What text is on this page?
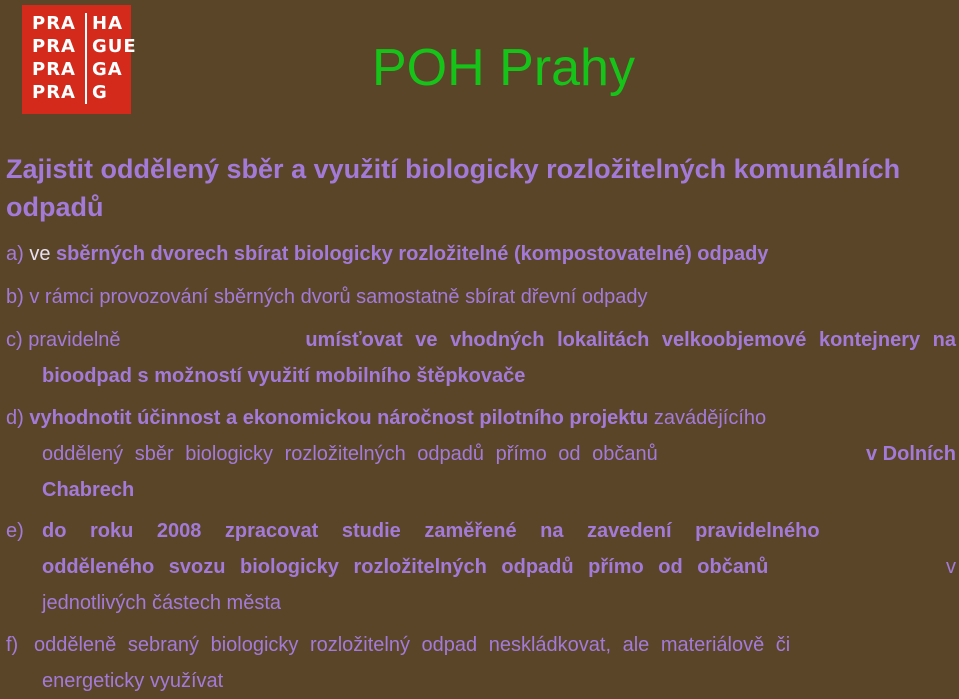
PRA HA
PRA GUE
PRA GA
PRA G	POH Prahy
Zajistit oddělený sběr a využití biologicky rozložitelných komunálních odpadů
a) ve sběrných dvorech sbírat biologicky rozložitelné (kompostovatelné) odpady
b) v rámci provozování sběrných dvorů samostatně sbírat dřevní odpady
c) pravidelně	umísťovat ve vhodných lokalitách velkoobjemové kontejnery na
bioodpad s možností využití mobilního štěpkovače
d) vyhodnotit účinnost a ekonomickou náročnost pilotního projektu zavádějícího
oddělený sběr biologicky rozložitelných odpadů přímo od občanů	v Dolních
Chabrech
e) do roku 2008 zpracovat studie zaměřené na zavedení pravidelného
odděleného svozu biologicky rozložitelných odpadů přímo od občanů	v
jednotlivých částech města
f) odděleně sebraný biologicky rozložitelný odpad neskládkovat, ale materiálově či
energeticky využívat
